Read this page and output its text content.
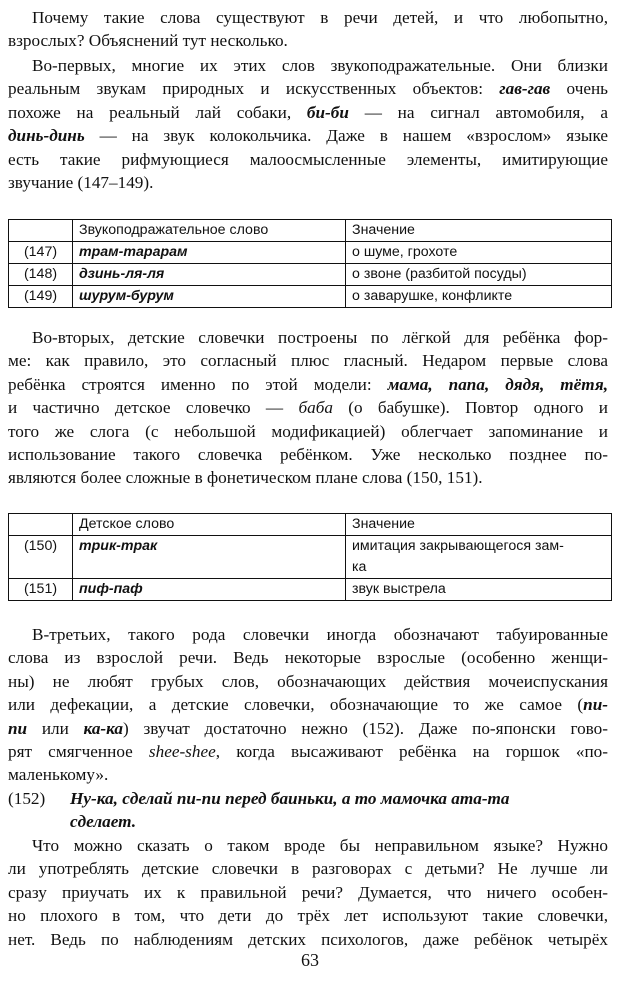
Почему такие слова существуют в речи детей, и что любопытно,
взрослых? Объяснений тут несколько.
Во-первых, многие их этих слов звукоподражательные. Они близки
реальным звукам природных и искусственных объектов: гав-гав очень
похоже на реальный лай собаки, би-би — на сигнал автомобиля, а
динь-динь — на звук колокольчика. Даже в нашем «взрослом» языке
есть такие рифмующиеся малоосмысленные элементы, имитирующие
звучание (147–149).
	Звукоподражательное слово	Значение
(147)	трам-тарарам	о шуме, грохоте
(148)	дзинь-ля-ля	о звоне (разбитой посуды)
(149)	шурум-бурум	о заварушке, конфликте
Во-вторых, детские словечки построены по лёгкой для ребёнка фор-
ме: как правило, это согласный плюс гласный. Недаром первые слова
ребёнка строятся именно по этой модели: мама, папа, дядя, тётя,
и частично детское словечко — баба (о бабушке). Повтор одного и
того же слога (с небольшой модификацией) облегчает запоминание и
использование такого словечка ребёнком. Уже несколько позднее по-
являются более сложные в фонетическом плане слова (150, 151).
	Детское слово	Значение
(150)	трик-трак	имитация закрывающегося зам-
ка

(151)	пиф-паф	звук выстрела
В-третьих, такого рода словечки иногда обозначают табуированные
слова из взрослой речи. Ведь некоторые взрослые (особенно женщи-
ны) не любят грубых слов, обозначающих действия мочеиспускания
или дефекации, а детские словечки, обозначающие то же самое (пи-
пи или ка-ка) звучат достаточно нежно (152). Даже по-японски гово-
рят смягченное shee-shee, когда высаживают ребёнка на горшок «по-
маленькому».
(152) Ну-ка, сделай пи-пи перед баиньки, а то мамочка ата-та
сделает.
Что можно сказать о таком вроде бы неправильном языке? Нужно
ли употреблять детские словечки в разговорах с детьми? Не лучше ли
сразу приучать их к правильной речи? Думается, что ничего особен-
но плохого в том, что дети до трёх лет используют такие словечки,
нет. Ведь по наблюдениям детских психологов, даже ребёнок четырёх
63
